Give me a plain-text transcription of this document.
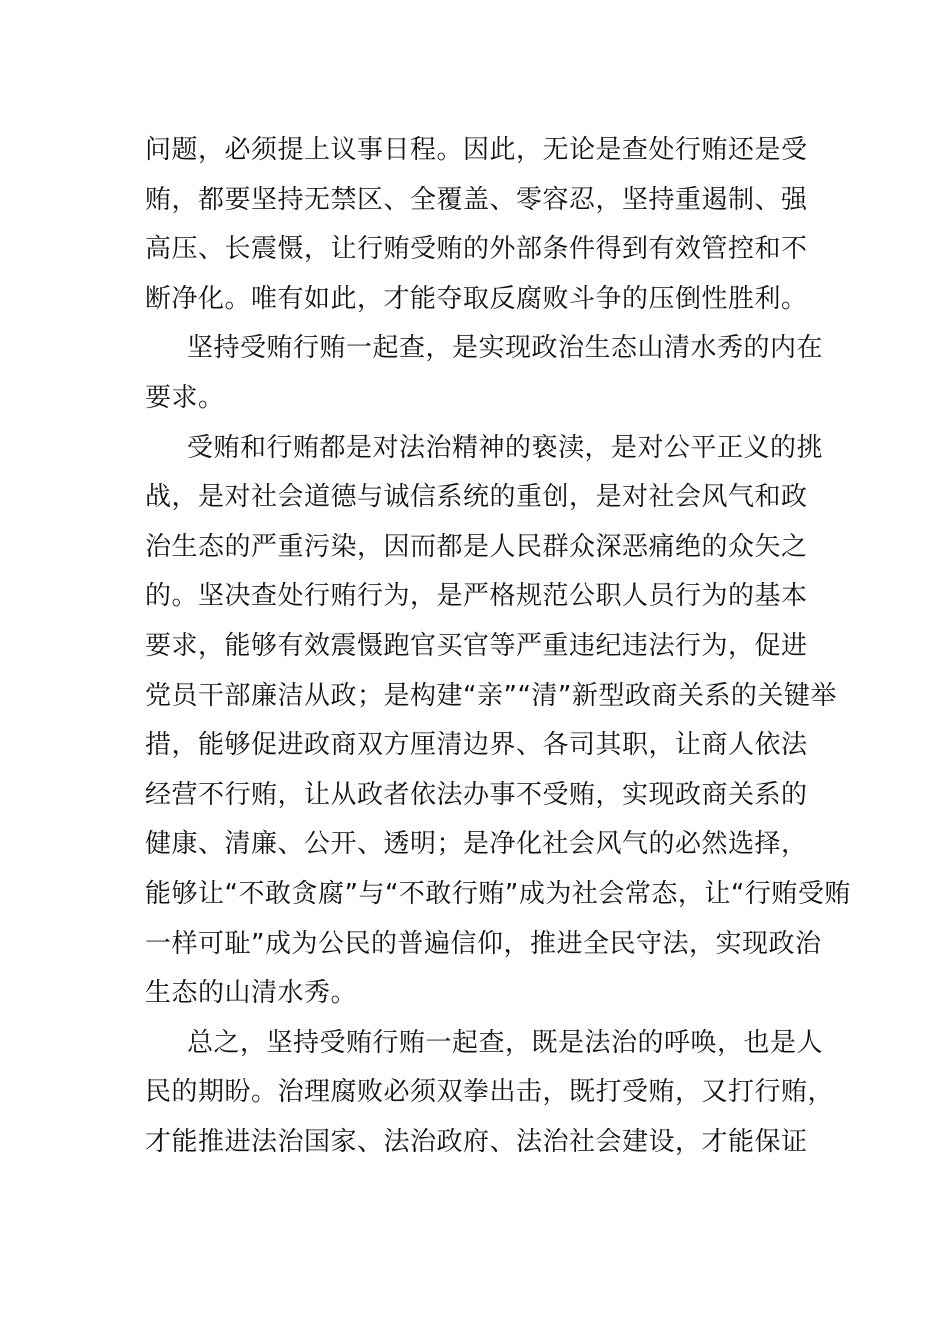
问题，必须提上议事日程。因此，无论是查处行贿还是受
贿，都要坚持无禁区、全覆盖、零容忍，坚持重遏制、强
高压、长震慑，让行贿受贿的外部条件得到有效管控和不
断净化。唯有如此，才能夺取反腐败斗争的压倒性胜利。
坚持受贿行贿一起查，是实现政治生态山清水秀的内在
要求。
受贿和行贿都是对法治精神的亵渎，是对公平正义的挑
战，是对社会道德与诚信系统的重创，是对社会风气和政
治生态的严重污染，因而都是人民群众深恶痛绝的众矢之
的。坚决查处行贿行为，是严格规范公职人员行为的基本
要求，能够有效震慑跑官买官等严重违纪违法行为，促进
党员干部廉洁从政；是构建“亲”“清”新型政商关系的关键举
措，能够促进政商双方厘清边界、各司其职，让商人依法
经营不行贿，让从政者依法办事不受贿，实现政商关系的
健康、清廉、公开、透明；是净化社会风气的必然选择，
能够让“不敢贪腐”与“不敢行贿”成为社会常态，让“行贿受贿
一样可耻”成为公民的普遍信仰，推进全民守法，实现政治
生态的山清水秀。
总之，坚持受贿行贿一起查，既是法治的呼唤，也是人
民的期盼。治理腐败必须双拳出击，既打受贿，又打行贿，
才能推进法治国家、法治政府、法治社会建设，才能保证
